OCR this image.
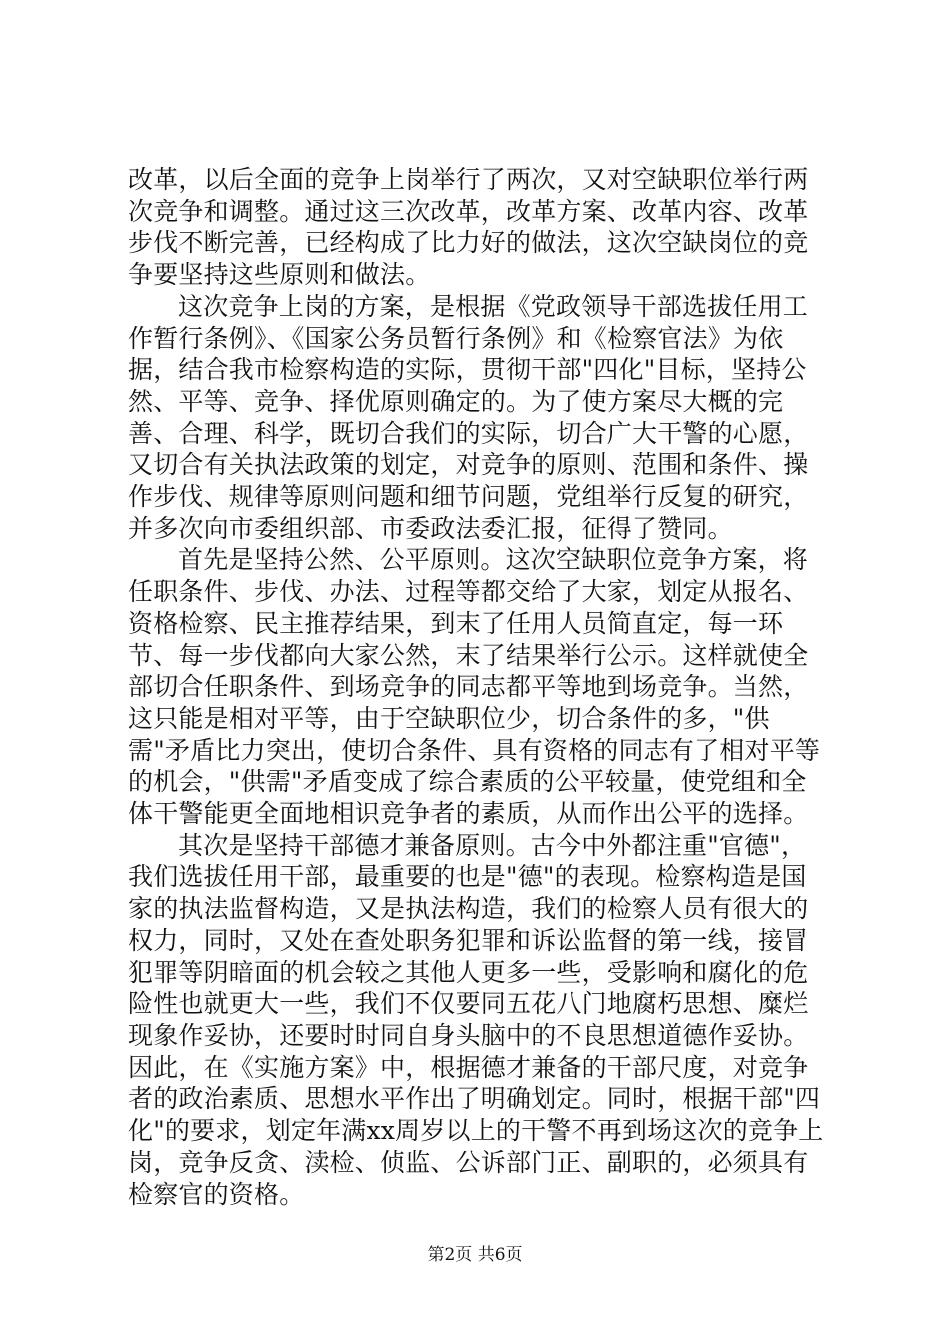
改革，以后全面的竞争上岗举行了两次，又对空缺职位举行两次竞争和调整。通过这三次改革，改革方案、改革内容、改革步伐不断完善，已经构成了比力好的做法，这次空缺岗位的竞争要坚持这些原则和做法。

这次竞争上岗的方案，是根据《党政领导干部选拔任用工作暂行条例》、《国家公务员暂行条例》和《检察官法》为依据，结合我市检察构造的实际，贯彻干部"四化"目标，坚持公然、平等、竞争、择优原则确定的。为了使方案尽大概的完善、合理、科学，既切合我们的实际，切合广大干警的心愿，又切合有关执法政策的划定，对竞争的原则、范围和条件、操作步伐、规律等原则问题和细节问题，党组举行反复的研究，并多次向市委组织部、市委政法委汇报，征得了赞同。

首先是坚持公然、公平原则。这次空缺职位竞争方案，将任职条件、步伐、办法、过程等都交给了大家，划定从报名、资格检察、民主推荐结果，到末了任用人员简直定，每一环节、每一步伐都向大家公然，末了结果举行公示。这样就使全部切合任职条件、到场竞争的同志都平等地到场竞争。当然，这只能是相对平等，由于空缺职位少，切合条件的多，"供需"矛盾比力突出，使切合条件、具有资格的同志有了相对平等的机会，"供需"矛盾变成了综合素质的公平较量，使党组和全体干警能更全面地相识竞争者的素质，从而作出公平的选择。

其次是坚持干部德才兼备原则。古今中外都注重"官德"，我们选拔任用干部，最重要的也是"德"的表现。检察构造是国家的执法监督构造，又是执法构造，我们的检察人员有很大的权力，同时，又处在查处职务犯罪和诉讼监督的第一线，接冒犯罪等阴暗面的机会较之其他人更多一些，受影响和腐化的危险性也就更大一些，我们不仅要同五花八门地腐朽思想、糜烂现象作妥协，还要时时同自身头脑中的不良思想道德作妥协。因此，在《实施方案》中，根据德才兼备的干部尺度，对竞争者的政治素质、思想水平作出了明确划定。同时，根据干部"四化"的要求，划定年满xx周岁以上的干警不再到场这次的竞争上岗，竞争反贪、渎检、侦监、公诉部门正、副职的，必须具有检察官的资格。

第2页 共6页
